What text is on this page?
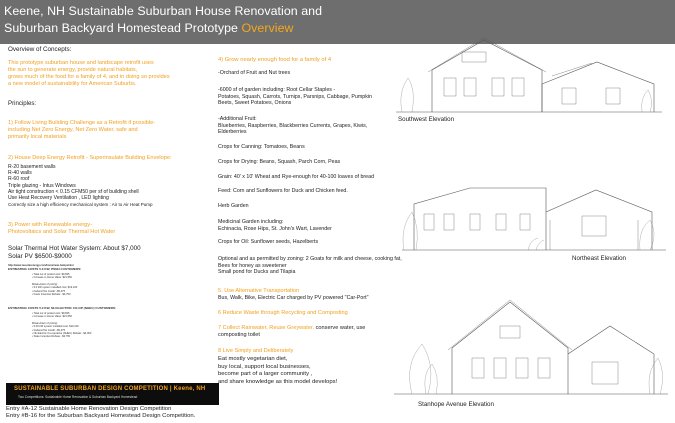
Keene, NH Sustainable Suburban House Renovation and
Suburban Backyard Homestead Prototype Overview
Overview of Concepts:
This prototype suburban house and landscape retrofit uses
the sun to generate energy, provide natural habitats,
grows much of the food for a family of 4, and in doing so provides
a new model of sustainability for American Suburbs.
Principles:
1) Follow Living Building Challenge as a Retrofit if possible-
including Net Zero Energy, Net Zero Water, safe and
primarily local materials
2) House Deep Energy Retrofit - Superinsulate Building Envelope:
R-20 basement walls
R-40 walls
R-60 roof
Triple glazing - Intus Windows
Air tight construction < 0.15 CFM50 per sf of building shell
Use Heat Recovery Ventilation , LED lighting
Correctly size a high efficiency mechanical system : Air to Air Heat Pump
3) Power with Renewable energy-
Photovoltaics and Solar Thermal Hot Water
Solar Thermal Hot Water System: About $7,000
Solar PV $6500-$9000
http://www.nusolarenergy.com/home/new-hampshire/
ESTIMATING COSTS 5.0 KW, PSNH CUSTOMERS:
• Total out of pocket cost: $9,825
• Increase in Home Value: $21,550
Break-down of pricing:
• 5.0 kW system installed cost: $19,100
• Federal Tax Credit: -$5,475
• Fuels Incentive Rebate: -$3,750
ESTIMATING COSTS 5.0 KW, NH ELECTRIC CO-OP (NHEC) CUSTOMERS:
• Total out of pocket cost: $9,825
• Increase in Home Value: $21,550
Break-down of pricing:
• 5.00 kW system installed cost: $19,100
• Federal Tax Credit: -$5,475
• NH Electric Co-operative (NHEC) Rebate: -$2,000
• State Incentive Rebate: -$3,750
SUSTAINABLE SUBURBAN DESIGN COMPETITION | Keene, NH
Two Competitions: Sustainable Home Renovation & Suburban Backyard Homestead
Entry #A-12 Sustainable Home Renovation Design Competition
Entry #B-16 for the Suburban Backyard Homestead Design Competition.
4) Grow nearly enough food for a family of 4
-Orchard of Fruit and Nut trees
-6000 sf of garden including: Root Cellar Staples -
Potatoes, Squash, Carrots, Turnips, Parsnips, Cabbage, Pumpkin
Beets, Sweet Potatoes, Onions
-Additional Fruit:
Blueberries, Raspberries, Blackberries Currents, Grapes, Kiwis,
Elderberries
Crops for Canning: Tomatoes, Beans
Crops for Drying: Beans, Squash, Parch Corn, Peas
Grain: 40' x 10' Wheat and Rye-enough for 40-100 loaves of bread
Feed: Corn and Sunflowers for Duck and Chicken feed.
Herb Garden
Medicinal Garden including:
Echinacia, Rose Hips, St. John's Wart, Lavender
Crops for Oil: Sunflower seeds, Hazelberts
Optional and as permitted by zoning: 2 Goats for milk and cheese, cooking fat,
Bees for honey as sweetener
Small pond for Ducks and Tilapia
5. Use Alternative Transportation
Bus, Walk, Bike, Electric Car charged by PV powered "Car-Port"
6 Reduce Waste through Recycling and Composting
7 Collect Rainwater, Reuse Greywater, conserve water, use
composting toilet
8 Live Simply and Deliberately
Eat mostly vegetarian diet,
buy local, support local businesses,
become part of a larger community ,
and share knowledge as this model develops!
Southwest Elevation
Northeast Elevation
Stanhope Avenue Elevation
